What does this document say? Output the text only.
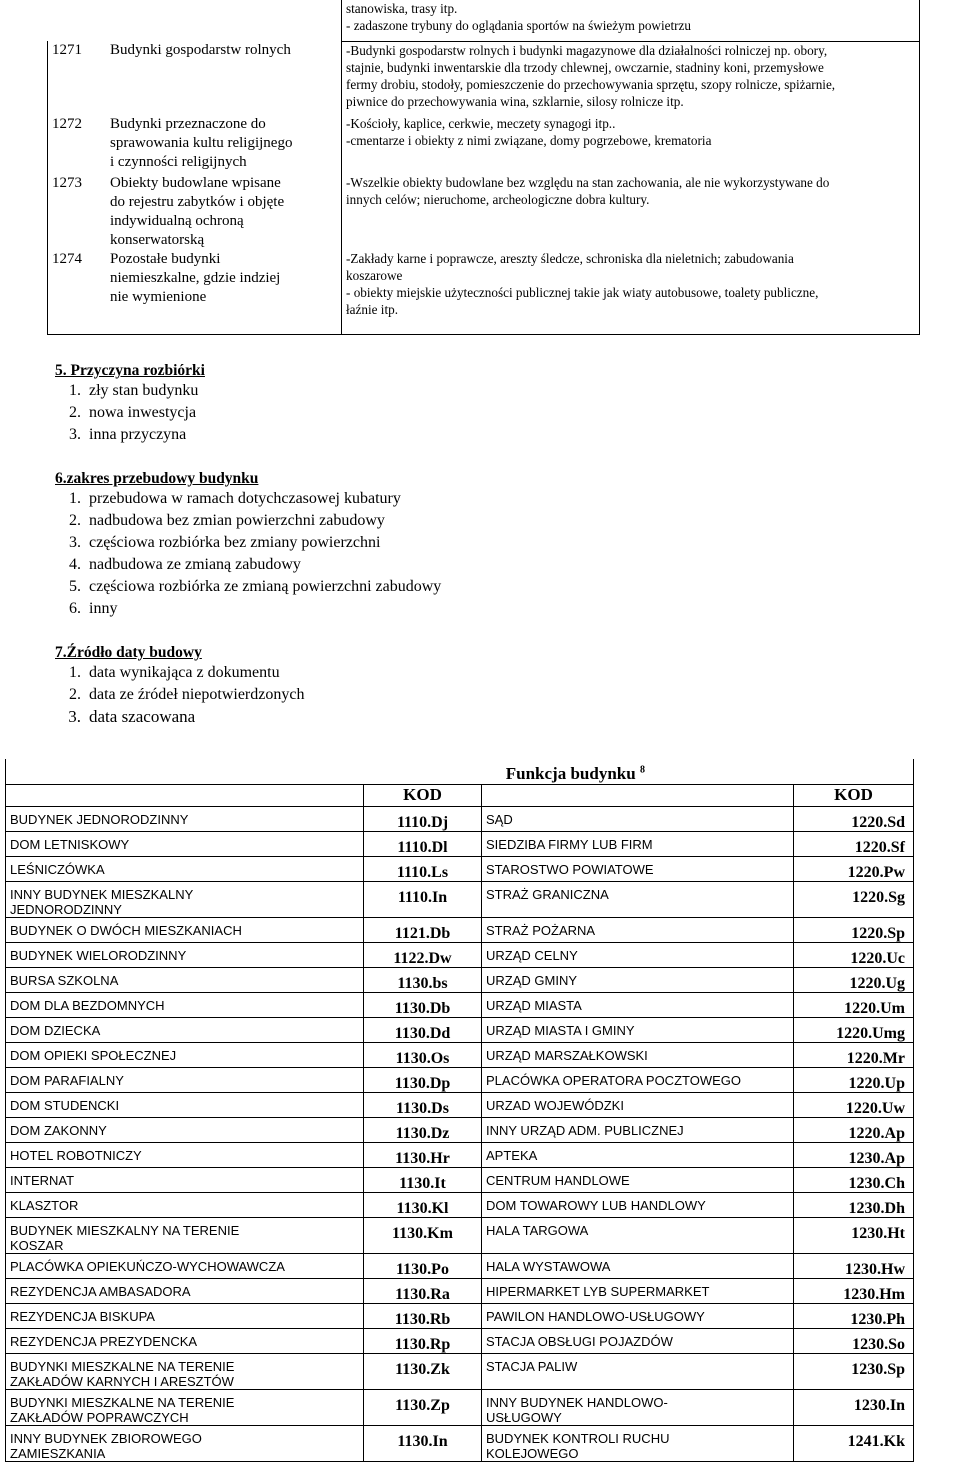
	stanowiska, trasy itp.
- zadaszone trybuny do oglądania sportów na świeżym powietrzu

1271 Budynki gospodarstw rolnych	-Budynki gospodarstw rolnych i budynki magazynowe dla działalności rolniczej np. obory,
stajnie, budynki inwentarskie dla trzody chlewnej, owczarnie, stadniny koni, przemysłowe
fermy drobiu, stodoły, pomieszczenie do przechowywania sprzętu, szopy rolnicze, spiżarnie,
piwnice do przechowywania wina, szklarnie, silosy rolnicze itp.

1272 Budynki przeznaczone do
sprawowania kultu religijnego
i czynności religijnych	-Kościoły, kaplice, cerkwie, meczety synagogi itp..
-cmentarze i obiekty z nimi związane, domy pogrzebowe, krematoria

1273 Obiekty budowlane wpisane
do rejestru zabytków i objęte
indywidualną ochroną
konserwatorską	-Wszelkie obiekty budowlane bez względu na stan zachowania, ale nie wykorzystywane do
innych celów; nieruchome, archeologiczne dobra kultury.

1274 Pozostałe budynki
niemieszkalne, gdzie indziej
nie wymienione	-Zakłady karne i poprawcze, areszty śledcze, schroniska dla nieletnich; zabudowania
koszarowe
- obiekty miejskie użyteczności publicznej takie jak wiaty autobusowe, toalety publiczne,
łaźnie itp.

5. Przyczyna rozbiórki
1. zły stan budynku
2. nowa inwestycja
3. inna przyczyna
6.zakres przebudowy budynku
1. przebudowa w ramach dotychczasowej kubatury
2. nadbudowa bez zmian powierzchni zabudowy
3. częściowa rozbiórka bez zmiany powierzchni
4. nadbudowa ze zmianą zabudowy
5. częściowa rozbiórka ze zmianą powierzchni zabudowy
6. inny
7.Źródło daty budowy
1. data wynikająca z dokumentu
2. data ze źródeł niepotwierdzonych
3. data szacowana
	Funkcja budynku $^8$
	KOD		KOD

BUDYNEK JEDNORODZINNY	1110.Dj	SĄD	1220.Sd

DOM LETNISKOWY	1110.Dl	SIEDZIBA FIRMY LUB FIRM	1220.Sf

LEŚNICZÓWKA	1110.Ls	STAROSTWO POWIATOWE	1220.Pw

INNY BUDYNEK MIESZKALNY
JEDNORODZINNY	1110.In	STRAŻ GRANICZNA	1220.Sg

BUDYNEK O DWÓCH MIESZKANIACH	1121.Db	STRAŻ POŻARNA	1220.Sp

BUDYNEK WIELORODZINNY	1122.Dw	URZĄD CELNY	1220.Uc

BURSA SZKOLNA	1130.bs	URZĄD GMINY	1220.Ug

DOM DLA BEZDOMNYCH	1130.Db	URZĄD MIASTA	1220.Um

DOM DZIECKA	1130.Dd	URZĄD MIASTA I GMINY	1220.Umg

DOM OPIEKI SPOŁECZNEJ	1130.Os	URZĄD MARSZAŁKOWSKI	1220.Mr

DOM PARAFIALNY	1130.Dp	PLACÓWKA OPERATORA POCZTOWEGO	1220.Up

DOM STUDENCKI	1130.Ds	URZAD WOJEWÓDZKI	1220.Uw

DOM ZAKONNY	1130.Dz	INNY URZĄD ADM. PUBLICZNEJ	1220.Ap

HOTEL ROBOTNICZY	1130.Hr	APTEKA	1230.Ap

INTERNAT	1130.It	CENTRUM HANDLOWE	1230.Ch

KLASZTOR	1130.Kl	DOM TOWAROWY LUB HANDLOWY	1230.Dh

BUDYNEK MIESZKALNY NA TERENIE
KOSZAR	1130.Km	HALA TARGOWA	1230.Ht

PLACÓWKA OPIEKUŃCZO-WYCHOWAWCZA	1130.Po	HALA WYSTAWOWA	1230.Hw

REZYDENCJA AMBASADORA	1130.Ra	HIPERMARKET LYB SUPERMARKET	1230.Hm

REZYDENCJA BISKUPA	1130.Rb	PAWILON HANDLOWO-USŁUGOWY	1230.Ph

REZYDENCJA PREZYDENCKA	1130.Rp	STACJA OBSŁUGI POJAZDÓW	1230.So

BUDYNKI MIESZKALNE NA TERENIE
ZAKŁADÓW KARNYCH I ARESZTÓW	1130.Zk	STACJA PALIW	1230.Sp

BUDYNKI MIESZKALNE NA TERENIE
ZAKŁADÓW POPRAWCZYCH	1130.Zp	INNY BUDYNEK HANDLOWO-
USŁUGOWY	1230.In

INNY BUDYNEK ZBIOROWEGO
ZAMIESZKANIA	1130.In	BUDYNEK KONTROLI RUCHU
KOLEJOWEGO	1241.Kk
